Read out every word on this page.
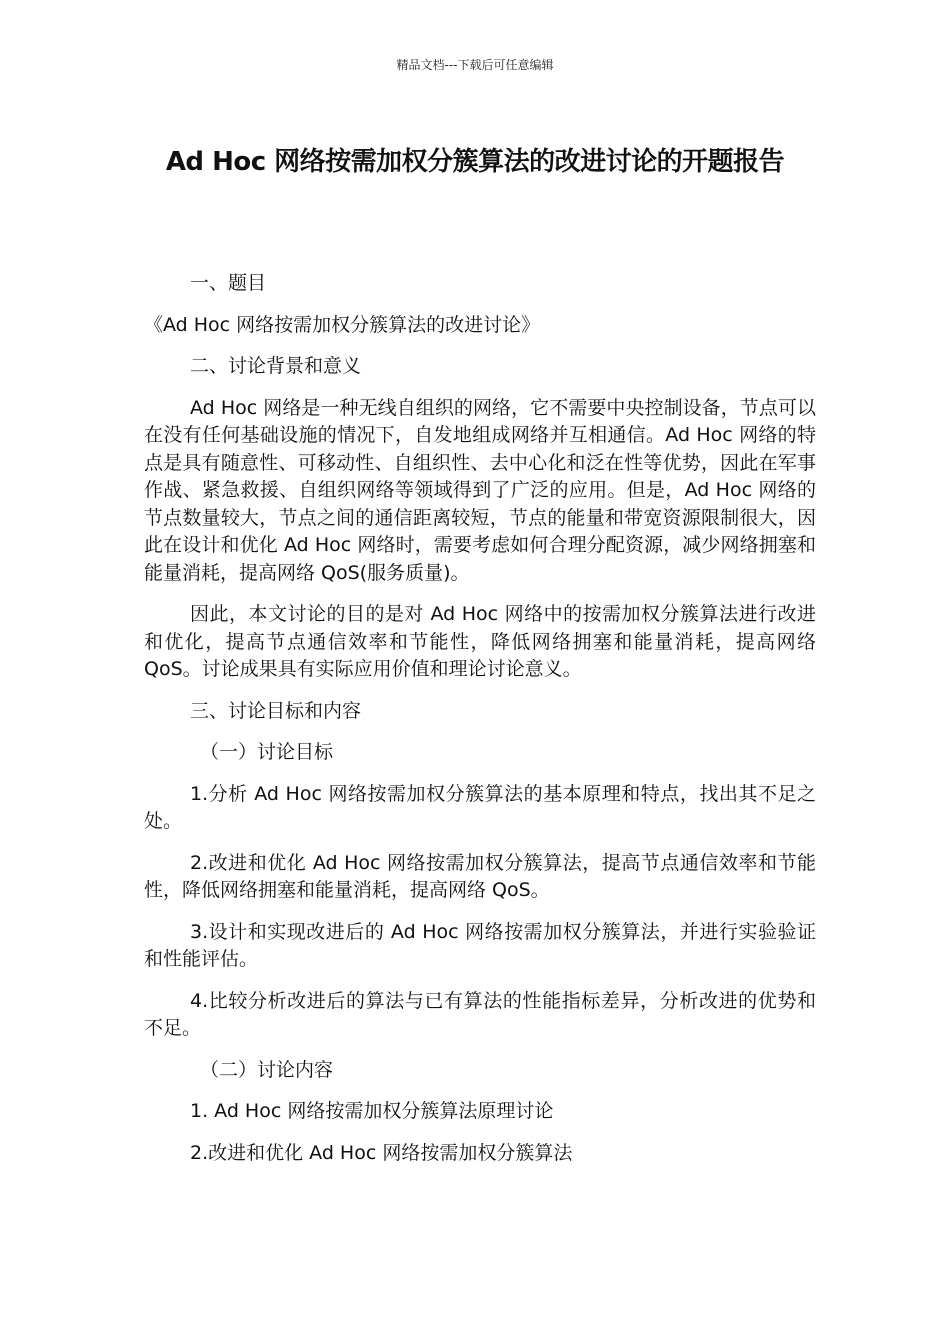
精品文档---下载后可任意编辑
Ad Hoc 网络按需加权分簇算法的改进讨论的开题报告

一、题目

《Ad Hoc 网络按需加权分簇算法的改进讨论》

二、讨论背景和意义

Ad Hoc 网络是一种无线自组织的网络，它不需要中央控制设备，节点可以在没有任何基础设施的情况下，自发地组成网络并互相通信。Ad Hoc 网络的特点是具有随意性、可移动性、自组织性、去中心化和泛在性等优势，因此在军事作战、紧急救援、自组织网络等领域得到了广泛的应用。但是，Ad Hoc 网络的节点数量较大，节点之间的通信距离较短，节点的能量和带宽资源限制很大，因此在设计和优化 Ad Hoc 网络时，需要考虑如何合理分配资源，减少网络拥塞和能量消耗，提高网络 QoS(服务质量)。

因此，本文讨论的目的是对 Ad Hoc 网络中的按需加权分簇算法进行改进和优化，提高节点通信效率和节能性，降低网络拥塞和能量消耗，提高网络 QoS。讨论成果具有实际应用价值和理论讨论意义。

三、讨论目标和内容

（一）讨论目标

1.分析 Ad Hoc 网络按需加权分簇算法的基本原理和特点，找出其不足之处。

2.改进和优化 Ad Hoc 网络按需加权分簇算法，提高节点通信效率和节能性，降低网络拥塞和能量消耗，提高网络 QoS。

3.设计和实现改进后的 Ad Hoc 网络按需加权分簇算法，并进行实验验证和性能评估。

4.比较分析改进后的算法与已有算法的性能指标差异，分析改进的优势和不足。

（二）讨论内容

1. Ad Hoc 网络按需加权分簇算法原理讨论

2.改进和优化 Ad Hoc 网络按需加权分簇算法
